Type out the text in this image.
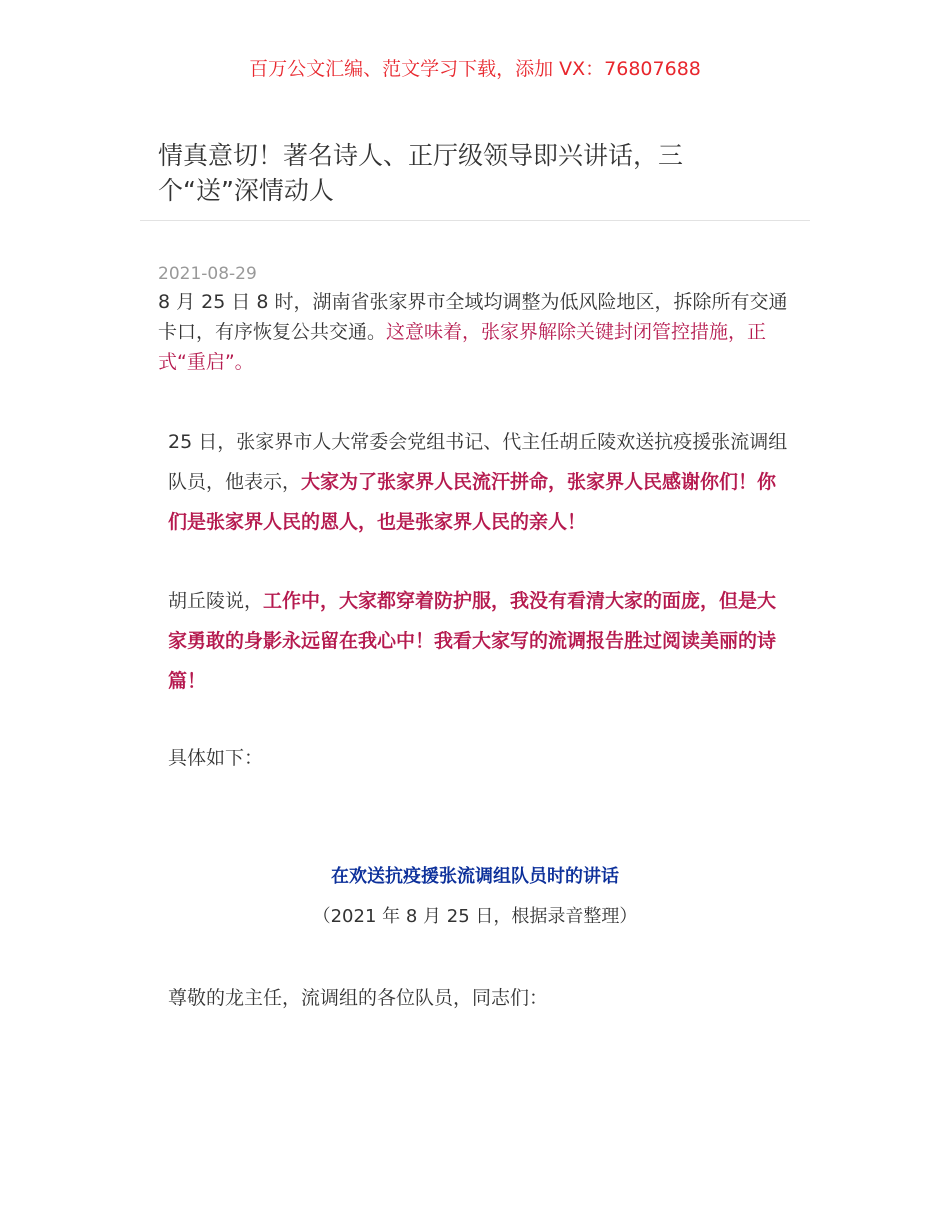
百万公文汇编、范文学习下载，添加 VX：76807688
情真意切！著名诗人、正厅级领导即兴讲话，三个“送”深情动人
2021-08-29
8 月 25 日 8 时，湖南省张家界市全域均调整为低风险地区，拆除所有交通卡口，有序恢复公共交通。这意味着，张家界解除关键封闭管控措施，正式“重启”。
25 日，张家界市人大常委会党组书记、代主任胡丘陵欢送抗疫援张流调组队员，他表示，大家为了张家界人民流汗拼命，张家界人民感谢你们！你们是张家界人民的恩人，也是张家界人民的亲人！
胡丘陵说，工作中，大家都穿着防护服，我没有看清大家的面庞，但是大家勇敢的身影永远留在我心中！我看大家写的流调报告胜过阅读美丽的诗篇！
具体如下：
在欢送抗疫援张流调组队员时的讲话
（2021 年 8 月 25 日，根据录音整理）
尊敬的龙主任，流调组的各位队员，同志们：
